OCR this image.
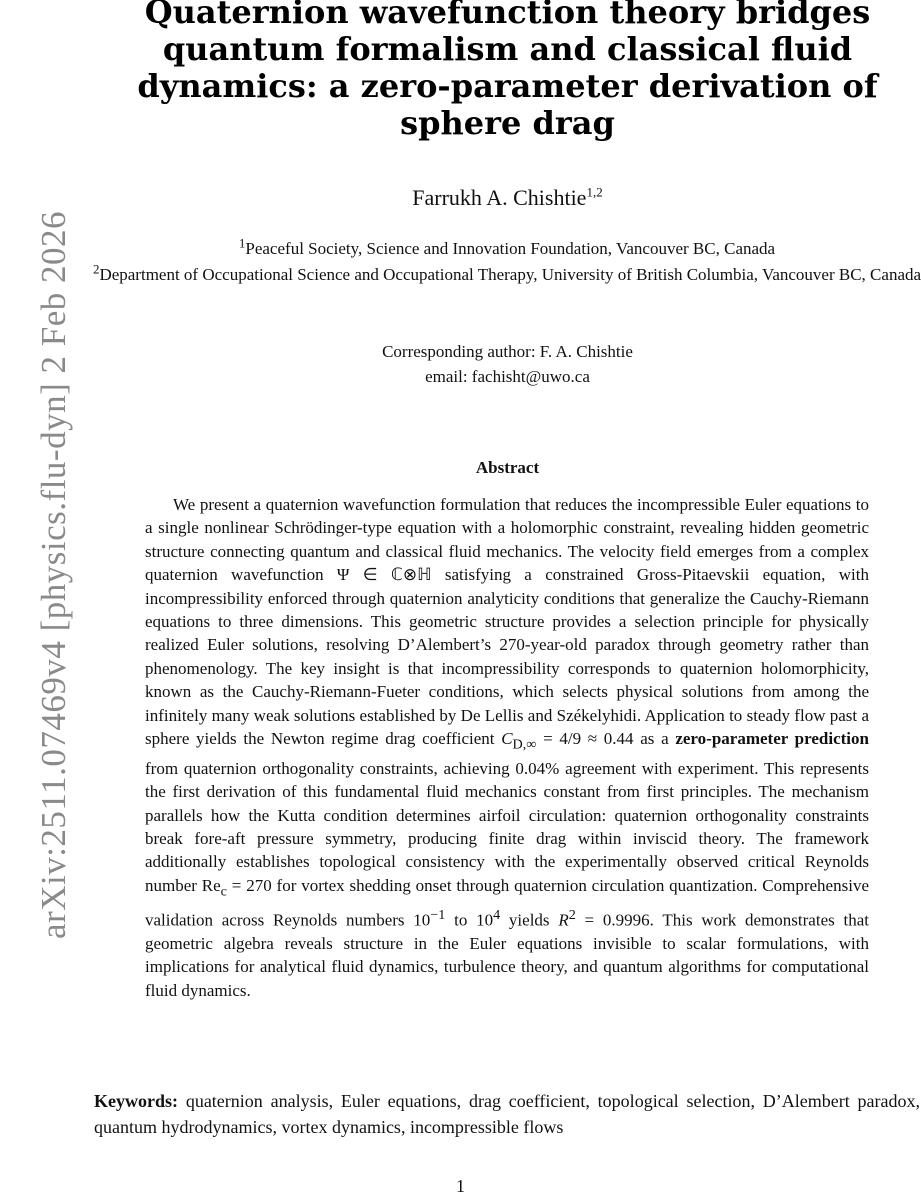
arXiv:2511.07469v4 [physics.flu-dyn] 2 Feb 2026
Quaternion wavefunction theory bridges quantum formalism and classical fluid dynamics: a zero-parameter derivation of sphere drag
Farrukh A. Chishtie$^{1,2}$
$^1$Peaceful Society, Science and Innovation Foundation, Vancouver BC, Canada
$^2$Department of Occupational Science and Occupational Therapy, University of British Columbia, Vancouver BC, Canada
Corresponding author: F. A. Chishtie
email: fachisht@uwo.ca
Abstract

We present a quaternion wavefunction formulation that reduces the incompressible Euler equations to a single nonlinear Schrödinger-type equation with a holomorphic constraint, revealing hidden geometric structure connecting quantum and classical fluid mechanics. The velocity field emerges from a complex quaternion wavefunction Ψ ∈ ℂ⊗ℍ satisfying a constrained Gross-Pitaevskii equation, with incompressibility enforced through quaternion analyticity conditions that generalize the Cauchy-Riemann equations to three dimensions. This geometric structure provides a selection principle for physically realized Euler solutions, resolving D’Alembert’s 270-year-old paradox through geometry rather than phenomenology. The key insight is that incompressibility corresponds to quaternion holomorphicity, known as the Cauchy-Riemann-Fueter conditions, which selects physical solutions from among the infinitely many weak solutions established by De Lellis and Székelyhidi. Application to steady flow past a sphere yields the Newton regime drag coefficient $C_{D,\infty} = 4/9 \approx 0.44$ as a zero-parameter prediction from quaternion orthogonality constraints, achieving 0.04% agreement with experiment. This represents the first derivation of this fundamental fluid mechanics constant from first principles. The mechanism parallels how the Kutta condition determines airfoil circulation: quaternion orthogonality constraints break fore-aft pressure symmetry, producing finite drag within inviscid theory. The framework additionally establishes topological consistency with the experimentally observed critical Reynolds number $Re_c = 270$ for vortex shedding onset through quaternion circulation quantization. Comprehensive validation across Reynolds numbers $10^{-1}$ to $10^4$ yields $R^2 = 0.9996$. This work demonstrates that geometric algebra reveals structure in the Euler equations invisible to scalar formulations, with implications for analytical fluid dynamics, turbulence theory, and quantum algorithms for computational fluid dynamics.

Keywords: quaternion analysis, Euler equations, drag coefficient, topological selection, D’Alembert paradox, quantum hydrodynamics, vortex dynamics, incompressible flows
1
